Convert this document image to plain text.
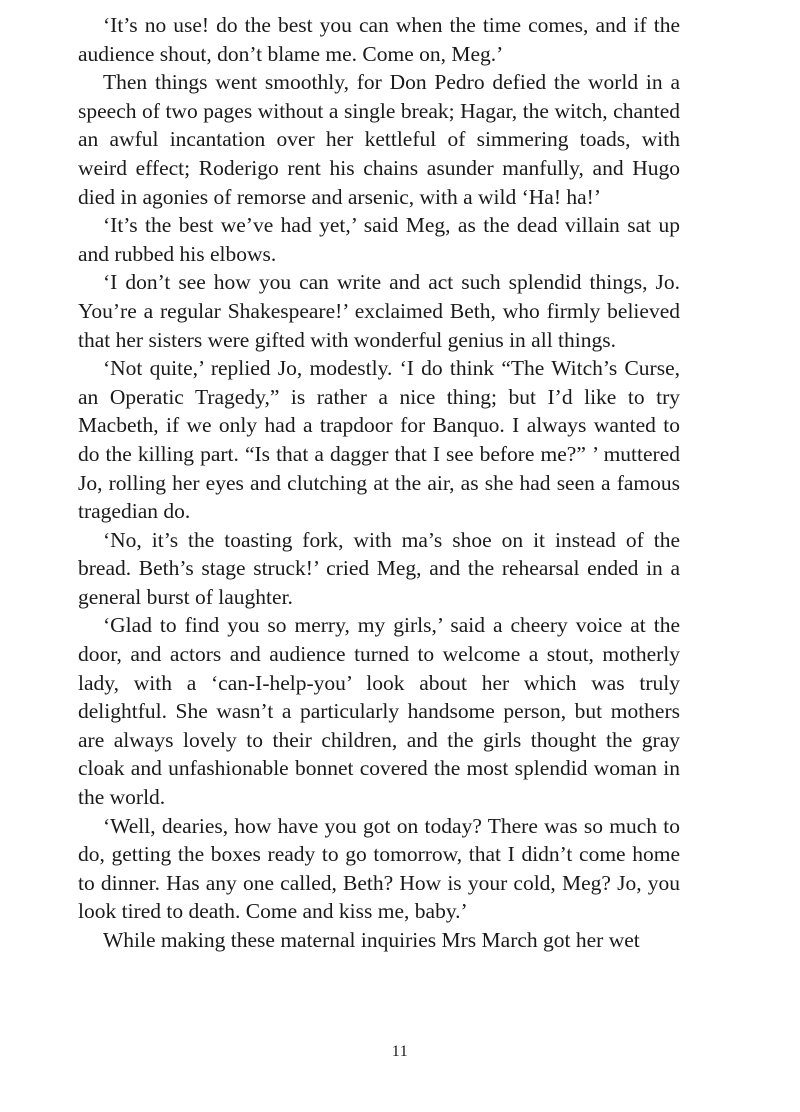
‘It’s no use! do the best you can when the time comes, and if the audience shout, don’t blame me. Come on, Meg.’

Then things went smoothly, for Don Pedro defied the world in a speech of two pages without a single break; Hagar, the witch, chanted an awful incantation over her kettleful of simmering toads, with weird effect; Roderigo rent his chains asunder manfully, and Hugo died in agonies of remorse and arsenic, with a wild ‘Ha! ha!’

‘It’s the best we’ve had yet,’ said Meg, as the dead villain sat up and rubbed his elbows.

‘I don’t see how you can write and act such splendid things, Jo. You’re a regular Shakespeare!’ exclaimed Beth, who firmly believed that her sisters were gifted with wonderful genius in all things.

‘Not quite,’ replied Jo, modestly. ‘I do think “The Witch’s Curse, an Operatic Tragedy,” is rather a nice thing; but I’d like to try Macbeth, if we only had a trapdoor for Banquo. I always wanted to do the killing part. “Is that a dagger that I see before me?” ’ muttered Jo, rolling her eyes and clutching at the air, as she had seen a famous tragedian do.

‘No, it’s the toasting fork, with ma’s shoe on it instead of the bread. Beth’s stage struck!’ cried Meg, and the rehearsal ended in a general burst of laughter.

‘Glad to find you so merry, my girls,’ said a cheery voice at the door, and actors and audience turned to welcome a stout, motherly lady, with a ‘can-I-help-you’ look about her which was truly delightful. She wasn’t a particularly handsome person, but mothers are always lovely to their children, and the girls thought the gray cloak and unfashionable bonnet covered the most splendid woman in the world.

‘Well, dearies, how have you got on today? There was so much to do, getting the boxes ready to go tomorrow, that I didn’t come home to dinner. Has any one called, Beth? How is your cold, Meg? Jo, you look tired to death. Come and kiss me, baby.’

While making these maternal inquiries Mrs March got her wet

11
